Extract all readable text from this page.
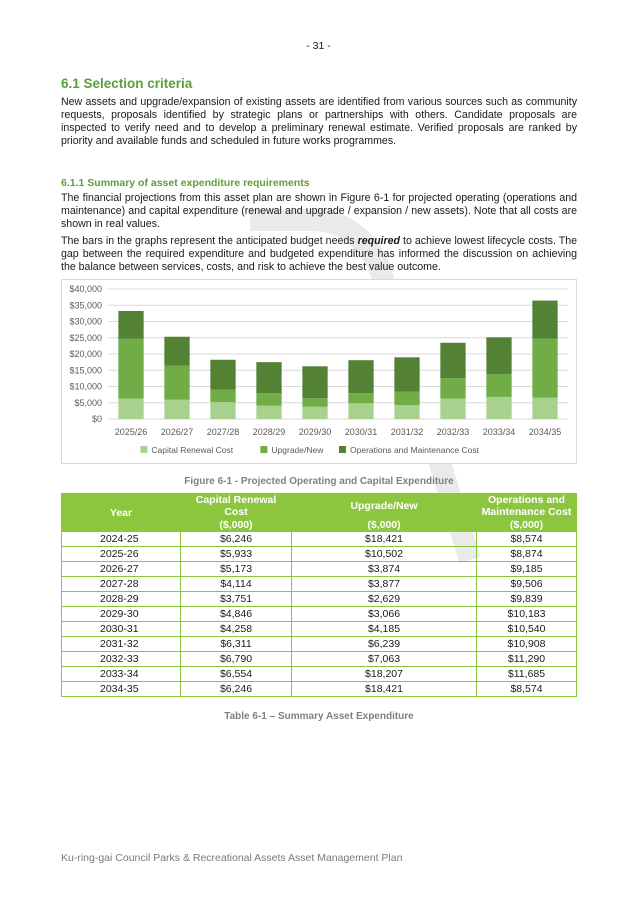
- 31 -
6.1 Selection criteria
New assets and upgrade/expansion of existing assets are identified from various sources such as community requests, proposals identified by strategic plans or partnerships with others. Candidate proposals are inspected to verify need and to develop a preliminary renewal estimate. Verified proposals are ranked by priority and available funds and scheduled in future works programmes.
6.1.1 Summary of asset expenditure requirements
The financial projections from this asset plan are shown in Figure 6-1 for projected operating (operations and maintenance) and capital expenditure (renewal and upgrade / expansion / new assets). Note that all costs are shown in real values.
The bars in the graphs represent the anticipated budget needs required to achieve lowest lifecycle costs. The gap between the required expenditure and budgeted expenditure has informed the discussion on achieving the balance between services, costs, and risk to achieve the best value outcome.
$0
$5,000
$10,000
$15,000
$20,000
$25,000
$30,000
$35,000
$40,000
2025/26 2026/27 2027/28 2028/29 2029/30 2030/31 2031/32 2032/33 2033/34 2034/35
Capital Renewal Cost	Upgrade/New	Operations and Maintenance Cost
Figure 6-1 - Projected Operating and Capital Expenditure
Year	Capital Renewal Cost	Upgrade/New	Operations and Maintenance Cost
	($,000)	($,000)	($,000)
2024-25	$6,246	$18,421	$8,574
2025-26	$5,933	$10,502	$8,874
2026-27	$5,173	$3,874	$9,185
2027-28	$4,114	$3,877	$9,506
2028-29	$3,751	$2,629	$9,839
2029-30	$4,846	$3,066	$10,183
2030-31	$4,258	$4,185	$10,540
2031-32	$6,311	$6,239	$10,908
2032-33	$6,790	$7,063	$11,290
2033-34	$6,554	$18,207	$11,685
2034-35	$6,246	$18,421	$8,574
Table 6-1 – Summary Asset Expenditure
Ku-ring-gai Council Parks & Recreational Assets Asset Management Plan
